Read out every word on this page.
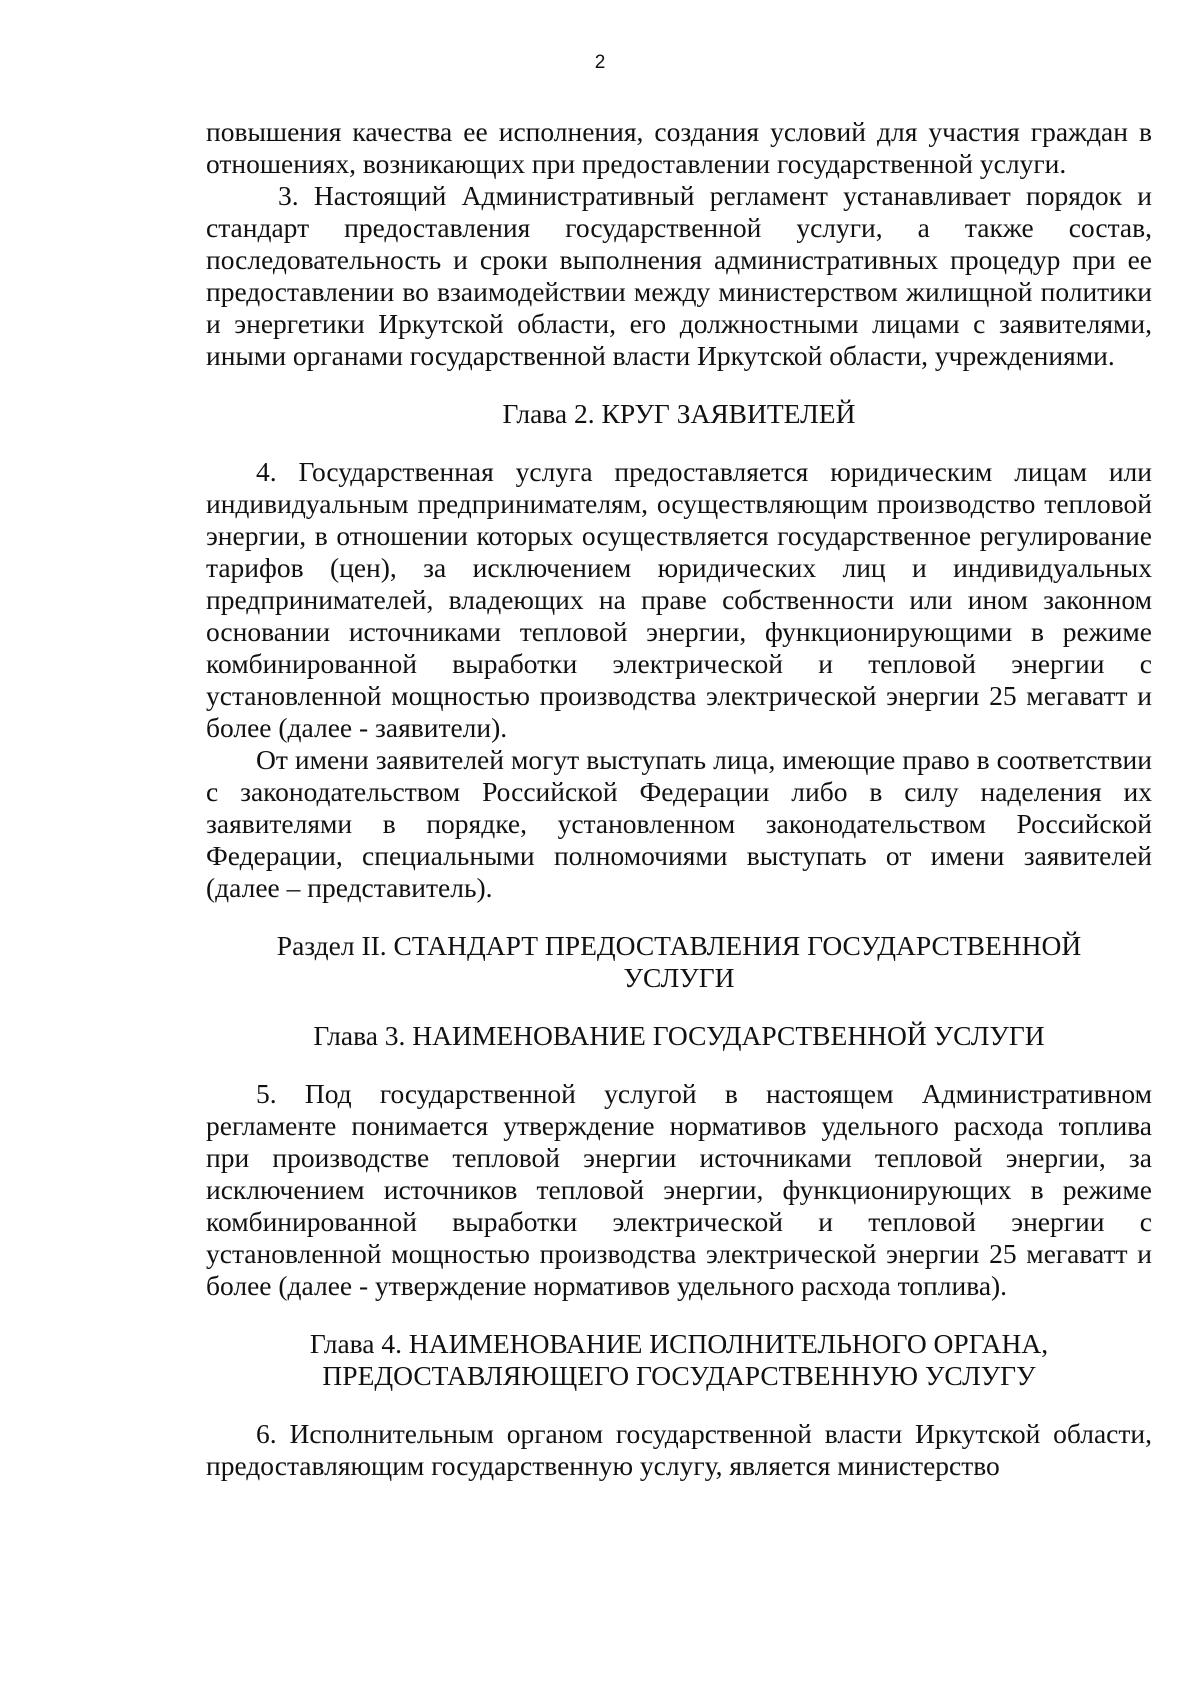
2

повышения качества ее исполнения, создания условий для участия граждан в отношениях, возникающих при предоставлении государственной услуги.

3. Настоящий Административный регламент устанавливает порядок и стандарт предоставления государственной услуги, а также состав, последовательность и сроки выполнения административных процедур при ее предоставлении во взаимодействии между министерством жилищной политики и энергетики Иркутской области, его должностными лицами с заявителями, иными органами государственной власти Иркутской области, учреждениями.

Глава 2. КРУГ ЗАЯВИТЕЛЕЙ

4. Государственная услуга предоставляется юридическим лицам или индивидуальным предпринимателям, осуществляющим производство тепловой энергии, в отношении которых осуществляется государственное регулирование тарифов (цен), за исключением юридических лиц и индивидуальных предпринимателей, владеющих на праве собственности или ином законном основании источниками тепловой энергии, функционирующими в режиме комбинированной выработки электрической и тепловой энергии с установленной мощностью производства электрической энергии 25 мегаватт и более (далее - заявители).

От имени заявителей могут выступать лица, имеющие право в соответствии с законодательством Российской Федерации либо в силу наделения их заявителями в порядке, установленном законодательством Российской Федерации, специальными полномочиями выступать от имени заявителей (далее – представитель).

Раздел II. СТАНДАРТ ПРЕДОСТАВЛЕНИЯ ГОСУДАРСТВЕННОЙ
УСЛУГИ
Глава 3. НАИМЕНОВАНИЕ ГОСУДАРСТВЕННОЙ УСЛУГИ

5. Под государственной услугой в настоящем Административном регламенте понимается утверждение нормативов удельного расхода топлива при производстве тепловой энергии источниками тепловой энергии, за исключением источников тепловой энергии, функционирующих в режиме комбинированной выработки электрической и тепловой энергии с установленной мощностью производства электрической энергии 25 мегаватт и более (далее - утверждение нормативов удельного расхода топлива).

Глава 4. НАИМЕНОВАНИЕ ИСПОЛНИТЕЛЬНОГО ОРГАНА,
ПРЕДОСТАВЛЯЮЩЕГО ГОСУДАРСТВЕННУЮ УСЛУГУ

6. Исполнительным органом государственной власти Иркутской области, предоставляющим государственную услугу, является министерство
